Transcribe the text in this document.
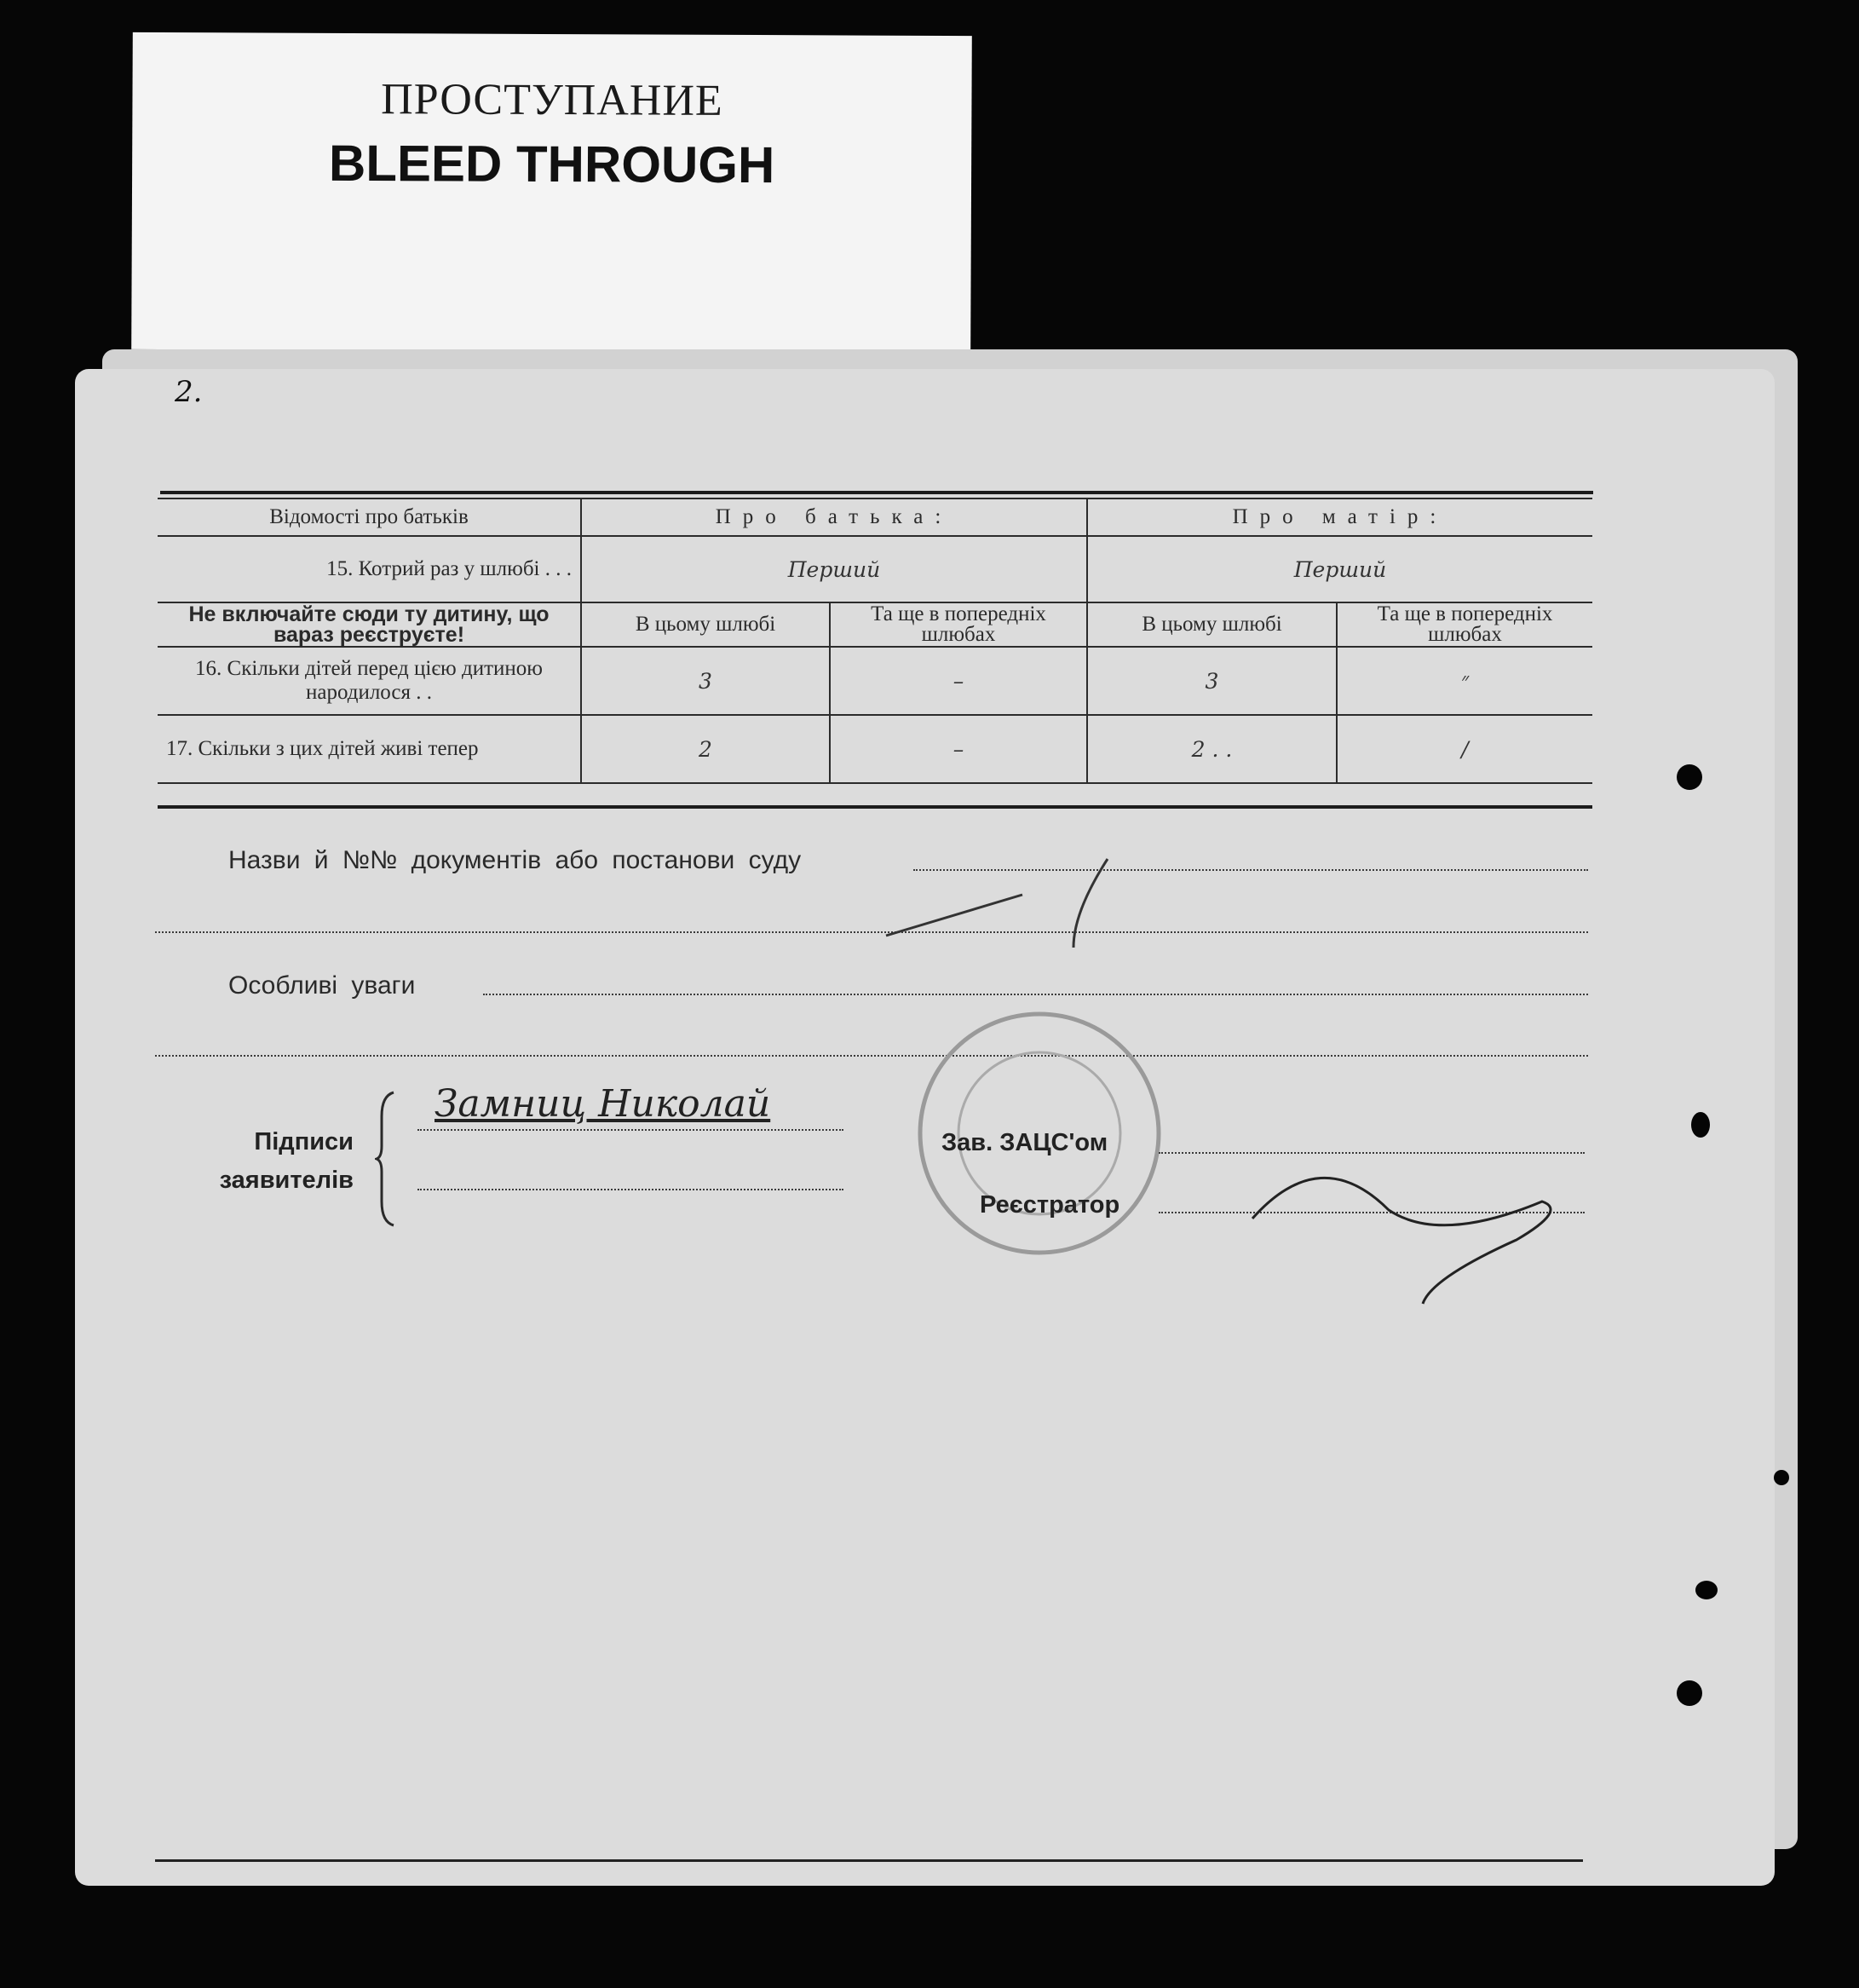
ПРОСТУПАНИЕ
BLEED THROUGH
2.
Відомості про батьків	Про батька:		Про матір:	
15. Котрий раз у шлюбі . . .	Перший		Перший	
Не включайте сюди ту дитину, що вараз реєструєте!	В цьому шлюбі	Та ще в попередніх шлюбах	В цьому шлюбі	Та ще в попередніх шлюбах
16. Скільки дітей перед цією дитиною народилося . .	3	–	3	״
17. Скільки з цих дітей живі тепер	2	–	2 . .	/
Назви й №№ документів або постанови суду
Особливі уваги
Підписи заявителів
Замниц Николай
Зав. ЗАЦС'ом
Реєстратор
